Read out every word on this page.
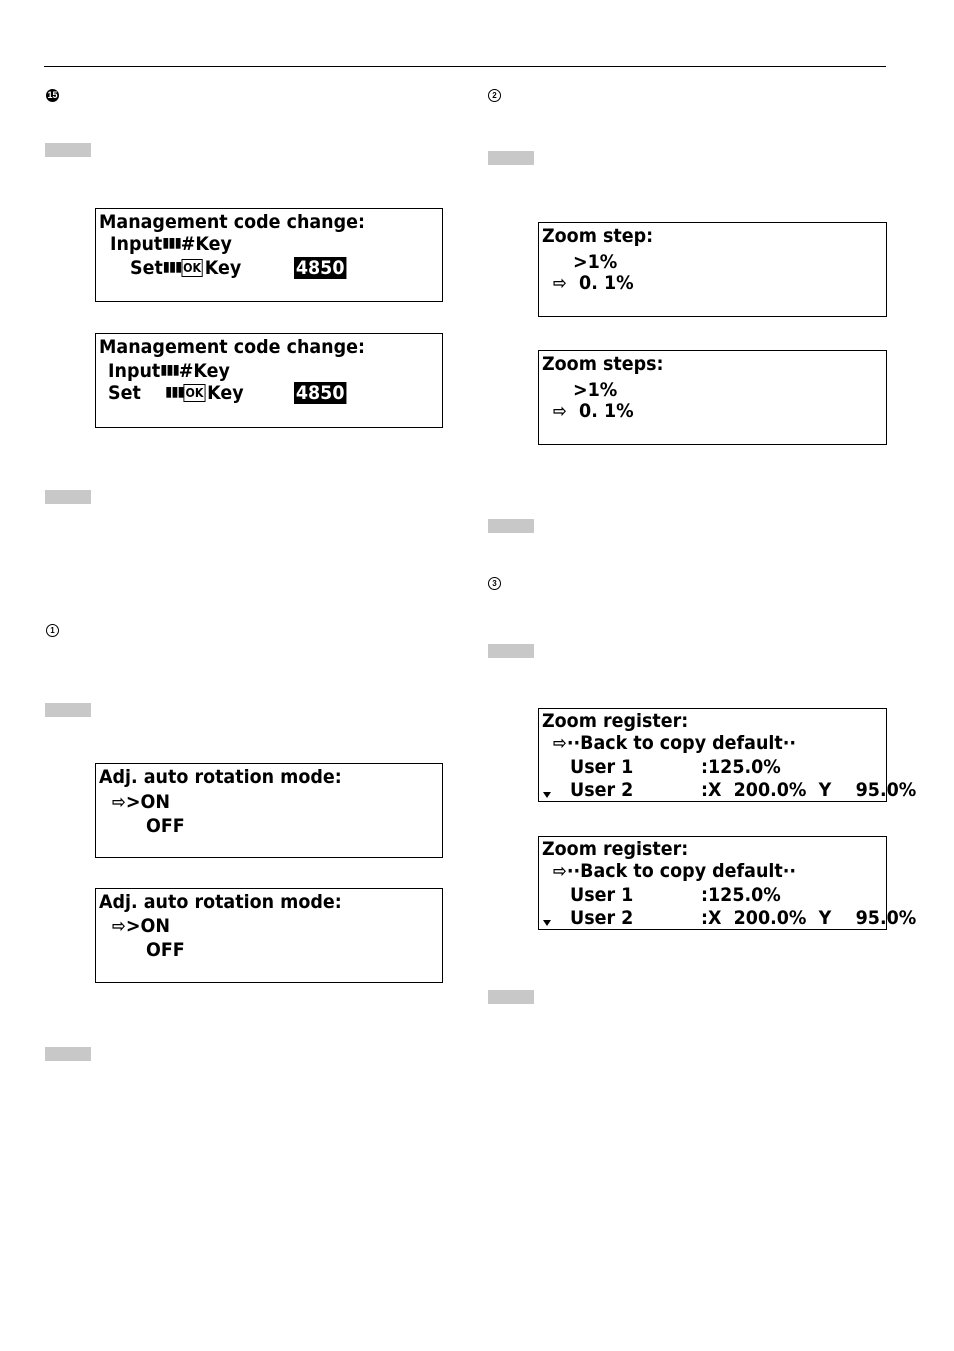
15
Management code change:
Input▮▮▮#Key
Set▮▮▮ OK Key	4850
Management code change:
Input▮▮▮#Key
Set ▮▮▮ OK Key	4850
1
Adj. auto rotation mode:
⇨>ON
OFF
Adj. auto rotation mode:
⇨>ON
OFF
2
Zoom step:
>1%
⇨ 0. 1%
Zoom steps:
>1%
⇨ 0. 1%
3
Zoom register:
⇨··Back to copy default··
User 1	:125.0%
User 2	:X  200.0%  Y    95.0%
Zoom register:
⇨··Back to copy default··
User 1	:125.0%
User 2	:X  200.0%  Y    95.0%
